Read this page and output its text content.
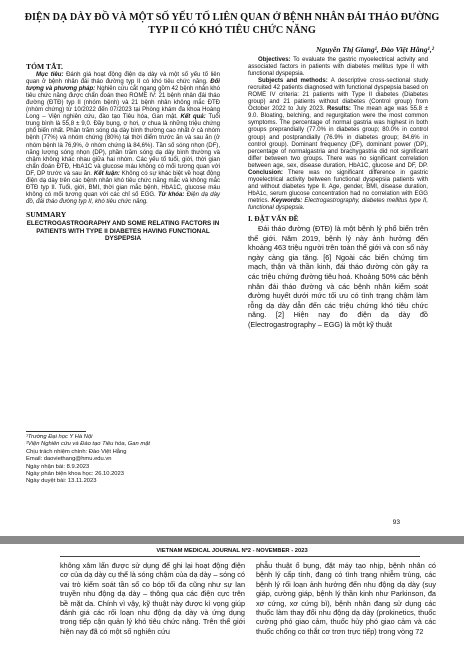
ĐIỆN DẠ DÀY ĐỒ VÀ MỘT SỐ YẾU TỐ LIÊN QUAN Ở BỆNH NHÂN ĐÁI THÁO ĐƯỜNG TYP II CÓ KHÓ TIÊU CHỨC NĂNG
Nguyễn Thị Giang¹, Đào Việt Hằng¹,²
TÓM TẮT.

Mục tiêu: Đánh giá hoạt động điện dạ dày và một số yếu tố liên quan ở bệnh nhân đái tháo đường typ II có khó tiêu chức năng. Đối tượng và phương pháp: Nghiên cứu cắt ngang gồm 42 bệnh nhân khó tiêu chức năng được chẩn đoán theo ROME IV: 21 bệnh nhân đái tháo đường (ĐTĐ) typ II (nhóm bệnh) và 21 bệnh nhân không mắc ĐTĐ (nhóm chứng) từ 10/2022 đến 07/2023 tại Phòng khám đa khoa Hoàng Long – Viện nghiên cứu, đào tạo Tiêu hóa, Gan mật. Kết quả: Tuổi trung bình là 55,8 ± 9,0. Đầy bụng, ợ hơi, ợ chua là những triệu chứng phổ biến nhất. Phần trăm sóng dạ dày bình thường cao nhất ở cả nhóm bệnh (77%) và nhóm chứng (80%) tại thời điểm trước ăn và sau ăn (ở nhóm bệnh là 76,9%, ở nhóm chứng là 84,6%). Tần số sóng nhọn (DF), năng lượng sóng nhọn (DP), phần trăm sóng dạ dày bình thường và chậm không khác nhau giữa hai nhóm. Các yếu tố tuổi, giới, thời gian chẩn đoán ĐTĐ, HbA1C và glucose máu không có mối tương quan với DF, DP trước và sau ăn. Kết luận: Không có sự khác biệt về hoạt động điện dạ dày trên các bệnh nhân khó tiêu chức năng mắc và không mắc ĐTĐ typ II. Tuổi, giới, BMI, thời gian mắc bệnh, HbA1C, glucose máu không có mối tương quan với các chỉ số EGG. Từ khóa: Điện dạ dày đồ, đái tháo đường typ II, khó tiêu chức năng.

SUMMARY
ELECTROGASTROGRAPHY AND SOME RELATING FACTORS IN PATIENTS WITH TYPE II DIABETES HAVING FUNCTIONAL DYSPEPSIA
¹Trường Đại học Y Hà Nội
²Viện Nghiên cứu và Đào tạo Tiêu hóa, Gan mật
Chịu trách nhiệm chính: Đào Việt Hằng
Email: daoviethang@hmu.edu.vn
Ngày nhận bài: 8.9.2023
Ngày phản biện khoa học: 26.10.2023
Ngày duyệt bài: 13.11.2023

Objectives: To evaluate the gastric myoelectrical activity and associated factors in patients with diabetes mellitus type II with functional dyspepsia.

Subjects and methods: A descriptive cross-sectional study recruited 42 patients diagnosed with functional dyspepsia based on ROME IV criteria: 21 patients with Type II diabetes (Diabetes group) and 21 patients without diabetes (Control group) from October 2022 to July 2023. Results: The mean age was 55.8 ± 9.0. Bloating, belching, and regurgitation were the most common symptoms. The percentage of normal gastria was highest in both groups preprandially (77.0% in diabetes group; 80.0% in control group) and postprandially (76.9% in diabetes group; 84.6% in control group). Dominant frequency (DF), dominant power (DP), percentage of normalgastria and brachygastria did not significant differ between two groups. There was no significant correlation between age, sex, disease duration, HbA1C, glucose and DF, DP. Conclusion: There was no significant difference in gastric myoelectrical activity between functional dyspepsia patients with and without diabetes type II. Age, gender, BMI, disease duration, HbA1c, serum glucose concentration had no correlation with EGG metrics. Keywords: Electrogastrography, diabetes mellitus type II, functional dyspepsia.

I. ĐẶT VẤN ĐỀ

Đái tháo đường (ĐTĐ) là một bệnh lý phổ biến trên thế giới. Năm 2019, bệnh lý này ảnh hưởng đến khoảng 463 triệu người trên toàn thế giới và con số này ngày càng gia tăng. [6] Ngoài các biến chứng tim mạch, thận và thần kinh, đái tháo đường còn gây ra các triệu chứng đường tiêu hoá. Khoảng 50% các bệnh nhân đái tháo đường và các bệnh nhân kiểm soát đường huyết dưới mức tối ưu có tình trạng chậm làm rỗng dạ dày dẫn đến các triệu chứng khó tiêu chức năng. [2] Hiện nay đo điện dạ dày đồ (Electrogastrography – EGG) là một kỹ thuật

93
VIETNAM MEDICAL JOURNAL Nº2 - NOVEMBER - 2023
không xâm lấn được sử dụng để ghi lại hoạt động điện cơ của dạ dày cụ thể là sóng chậm của dạ dày – sóng có vai trò kiểm soát tần số co bóp tối đa cũng như sự lan truyền nhu động dạ dày – thông qua các điện cực trên bề mặt da. Chính vì vậy, kỹ thuật này được kì vọng giúp đánh giá các rối loạn nhu động dạ dày và ứng dụng trong tiếp cận quản lý khó tiêu chức năng. Trên thế giới hiện nay đã có một số nghiên cứu
phẫu thuật ổ bụng, đặt máy tạo nhịp, bệnh nhân có bệnh lý cấp tính, đang có tình trạng nhiễm trùng, các bệnh lý rối loạn ảnh hưởng đến nhu động dạ dày (suy giáp, cường giáp, bệnh lý thần kinh như Parkinson, đa xơ cứng, xơ cứng bì), bệnh nhân đang sử dụng các thuốc làm thay đổi nhu động dạ dày (prokinetics, thuốc cường phó giao cảm, thuốc hủy phó giao cảm và các thuốc chống co thắt cơ trơn trực tiếp) trong vòng 72
